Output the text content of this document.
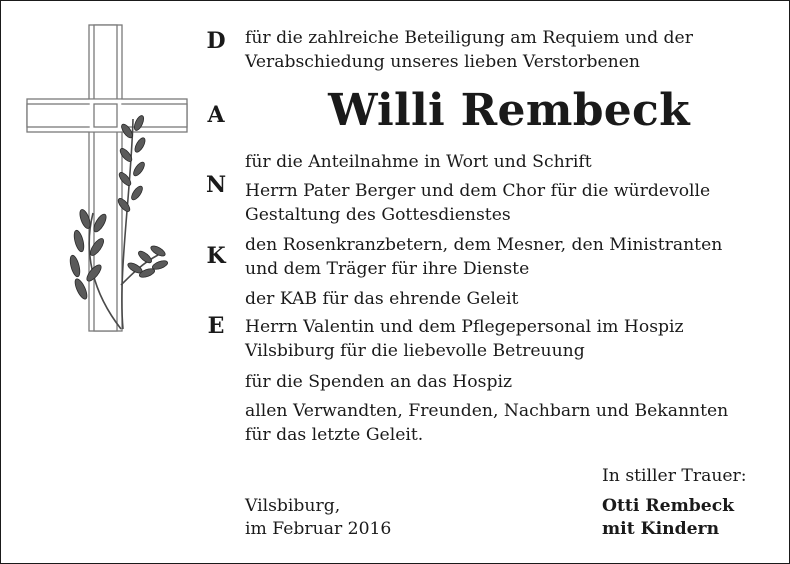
D
A
N
K
E
für die zahlreiche Beteiligung am Requiem und der
Verabschiedung unseres lieben Verstorbenen
Willi Rembeck
für die Anteilnahme in Wort und Schrift
Herrn Pater Berger und dem Chor für die würdevolle
Gestaltung des Gottesdienstes
den Rosenkranzbetern, dem Mesner, den Ministranten
und dem Träger für ihre Dienste
der KAB für das ehrende Geleit
Herrn Valentin und dem Pflegepersonal im Hospiz
Vilsbiburg für die liebevolle Betreuung
für die Spenden an das Hospiz
allen Verwandten, Freunden, Nachbarn und Bekannten
für das letzte Geleit.
In stiller Trauer:
Vilsbiburg,
im Februar 2016
Otti Rembeck
mit Kindern
